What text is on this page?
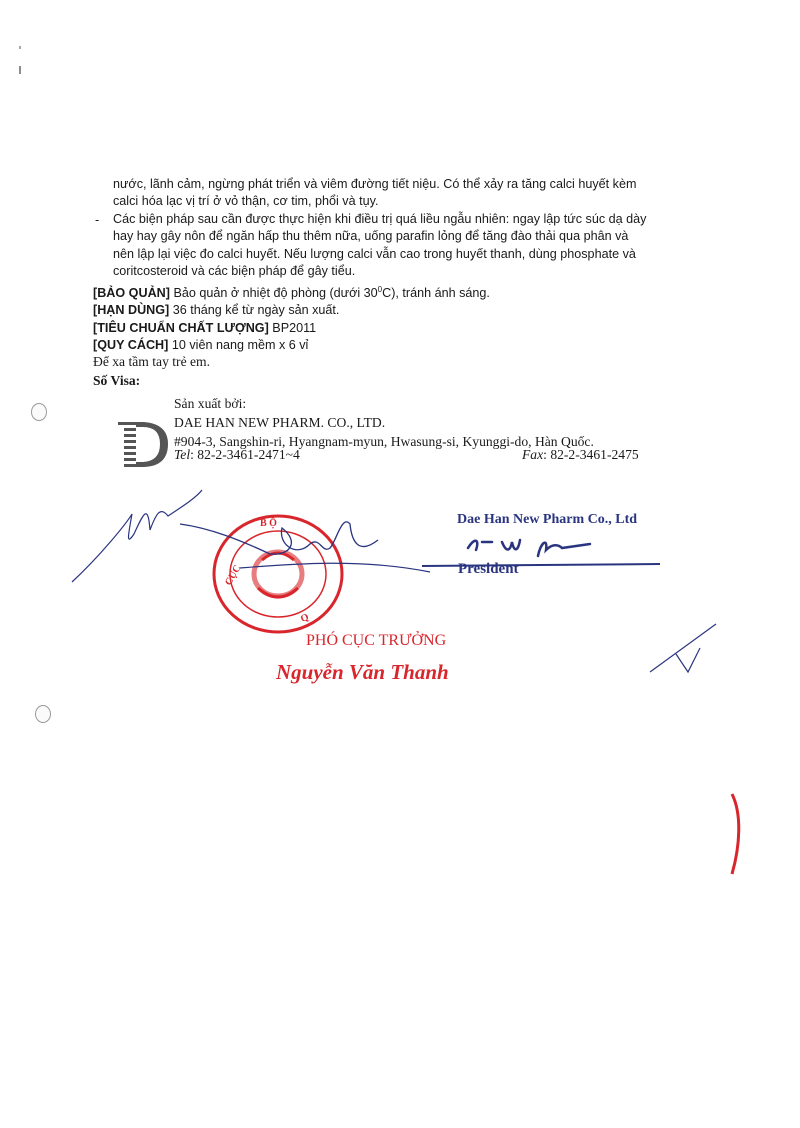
nước, lãnh cảm, ngừng phát triển và viêm đường tiết niệu. Có thể xảy ra tăng calci huyết kèm
calci hóa lạc vị trí ở vỏ thận, cơ tim, phổi và tụy.
- Các biện pháp sau cần được thực hiện khi điều trị quá liều ngẫu nhiên: ngay lập tức súc dạ dày
hay hay gây nôn để ngăn hấp thu thêm nữa, uống parafin lỏng để tăng đào thải qua phân và
nên lập lại việc đo calci huyết. Nếu lượng calci vẫn cao trong huyết thanh, dùng phosphate và
coritcosteroid và các biện pháp để gây tiểu.
[BẢO QUẢN] Bảo quản ở nhiệt độ phòng (dưới $30^0C$), tránh ánh sáng.
[HẠN DÙNG] 36 tháng kể từ ngày sản xuất.
[TIÊU CHUẨN CHẤT LƯỢNG] BP2011
[QUY CÁCH] 10 viên nang mềm x 6 vỉ
Để xa tầm tay trẻ em.
Số Visa:
D
Sản xuất bởi:
DAE HAN NEW PHARM. CO., LTD.
#904-3, Sangshin-ri, Hyangnam-myun, Hwasung-si, Kyunggi-do, Hàn Quốc.
Tel: 82-2-3461-2471~4	Fax: 82-2-3461-2475
Dae Han New Pharm Co., Ltd
President
B Ộ
CỤC
Q
PHÓ CỤC TRƯỞNG
Nguyễn Văn Thanh
